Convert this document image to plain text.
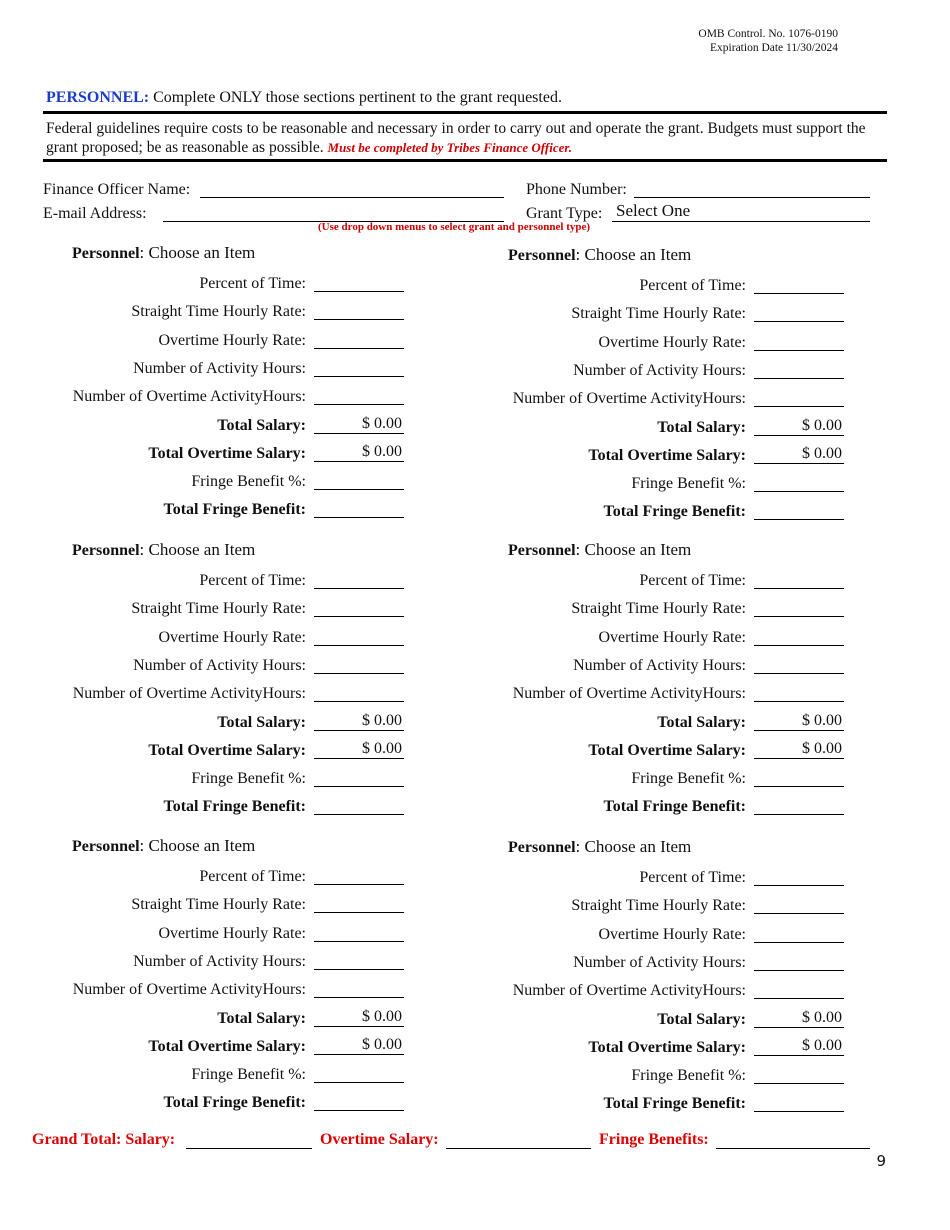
OMB Control. No. 1076-0190
Expiration Date 11/30/2024
PERSONNEL: Complete ONLY those sections pertinent to the grant requested.
Federal guidelines require costs to be reasonable and necessary in order to carry out and operate the grant. Budgets must support the grant proposed; be as reasonable as possible. Must be completed by Tribes Finance Officer.
Finance Officer Name:	Phone Number:
E-mail Address:	Grant Type: Select One
(Use drop down menus to select grant and personnel type)
Personnel: Choose an Item
Percent of Time:
Straight Time Hourly Rate:
Overtime Hourly Rate:
Number of Activity Hours:
Number of Overtime ActivityHours:
Total Salary:	$ 0.00
Total Overtime Salary:	$ 0.00
Fringe Benefit %:
Total Fringe Benefit:
Personnel: Choose an Item
Percent of Time:
Straight Time Hourly Rate:
Overtime Hourly Rate:
Number of Activity Hours:
Number of Overtime ActivityHours:
Total Salary:	$ 0.00
Total Overtime Salary:	$ 0.00
Fringe Benefit %:
Total Fringe Benefit:
Personnel: Choose an Item
Percent of Time:
Straight Time Hourly Rate:
Overtime Hourly Rate:
Number of Activity Hours:
Number of Overtime ActivityHours:
Total Salary:	$ 0.00
Total Overtime Salary:	$ 0.00
Fringe Benefit %:
Total Fringe Benefit:
Personnel: Choose an Item
Percent of Time:
Straight Time Hourly Rate:
Overtime Hourly Rate:
Number of Activity Hours:
Number of Overtime ActivityHours:
Total Salary:	$ 0.00
Total Overtime Salary:	$ 0.00
Fringe Benefit %:
Total Fringe Benefit:
Personnel: Choose an Item
Percent of Time:
Straight Time Hourly Rate:
Overtime Hourly Rate:
Number of Activity Hours:
Number of Overtime ActivityHours:
Total Salary:	$ 0.00
Total Overtime Salary:	$ 0.00
Fringe Benefit %:
Total Fringe Benefit:
Personnel: Choose an Item
Percent of Time:
Straight Time Hourly Rate:
Overtime Hourly Rate:
Number of Activity Hours:
Number of Overtime ActivityHours:
Total Salary:	$ 0.00
Total Overtime Salary:	$ 0.00
Fringe Benefit %:
Total Fringe Benefit:
Grand Total: Salary:	Overtime Salary:	Fringe Benefits:
9
